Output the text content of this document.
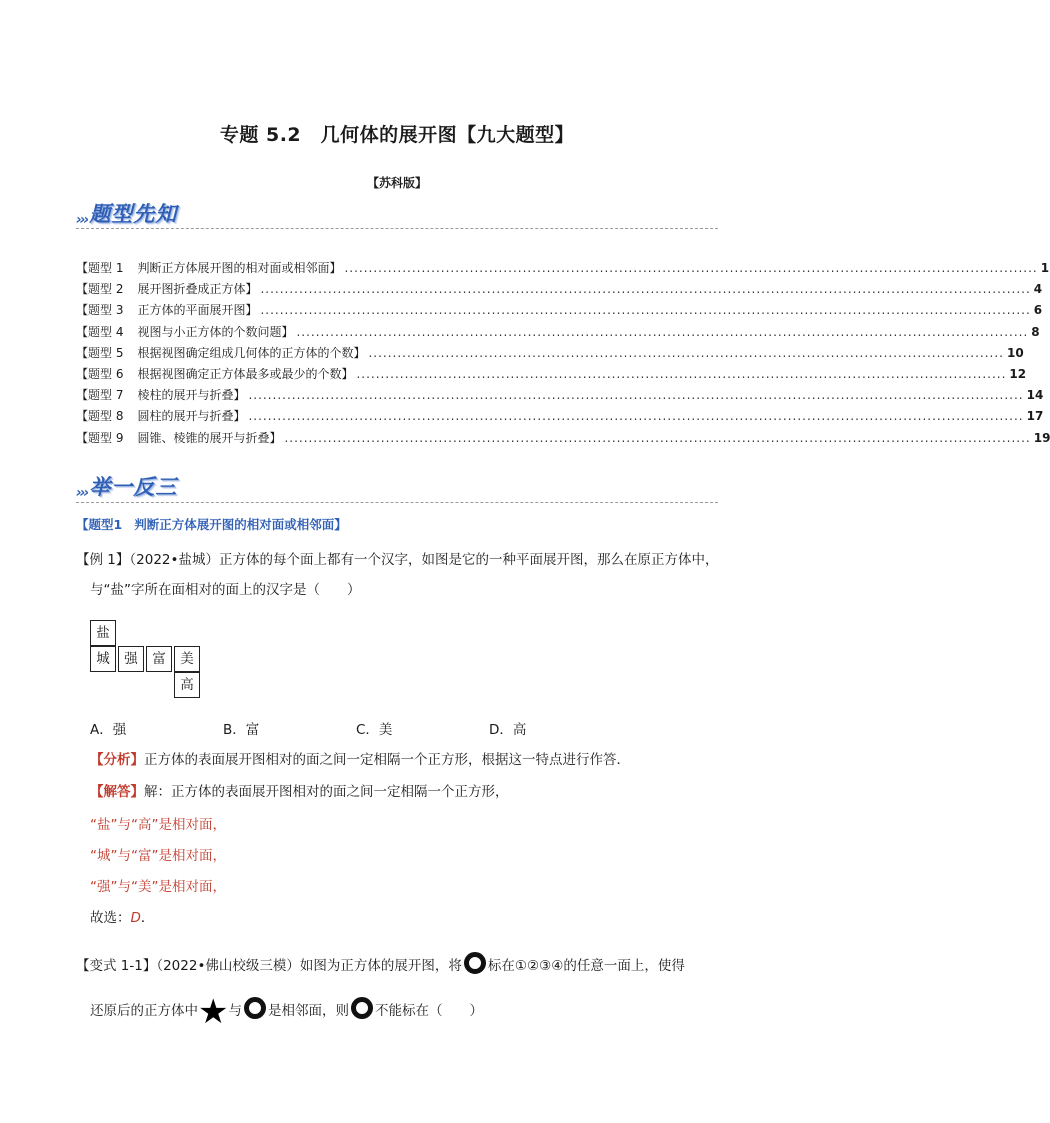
专题 5.2　几何体的展开图【九大题型】
【苏科版】
››› 题型先知
【题型 1 判断正方体展开图的相对面或相邻面】 ................................................................................................................................................ 1
【题型 2 展开图折叠成正方体】 ................................................................................................................................................................ 4
【题型 3 正方体的平面展开图】 ................................................................................................................................................................ 6
【题型 4 视图与小正方体的个数问题】 ........................................................................................................................................................ 8
【题型 5 根据视图确定组成几何体的正方体的个数】 .................................................................................................................................... 10
【题型 6 根据视图确定正方体最多或最少的个数】 ....................................................................................................................................... 12
【题型 7 棱柱的展开与折叠】 ................................................................................................................................................................. 14
【题型 8 圆柱的展开与折叠】 ................................................................................................................................................................. 17
【题型 9 圆锥、棱锥的展开与折叠】 ........................................................................................................................................................... 19
››› 举一反三
【题型1 判断正方体展开图的相对面或相邻面】
【例 1】（2022•盐城）正方体的每个面上都有一个汉字，如图是它的一种平面展开图，那么在原正方体中，
与“盐”字所在面相对的面上的汉字是（　　）
盐
城	强	富	美
高
A．强	B．富	C．美	D．高
【分析】正方体的表面展开图相对的面之间一定相隔一个正方形，根据这一特点进行作答．
【解答】解：正方体的表面展开图相对的面之间一定相隔一个正方形，
“盐”与“高”是相对面，
“城”与“富”是相对面，
“强”与“美”是相对面，
故选：D．
【变式 1-1】（2022•佛山校级三模）如图为正方体的展开图，将 标在①②③④的任意一面上，使得
还原后的正方体中★与 是相邻面，则 不能标在（　　）
